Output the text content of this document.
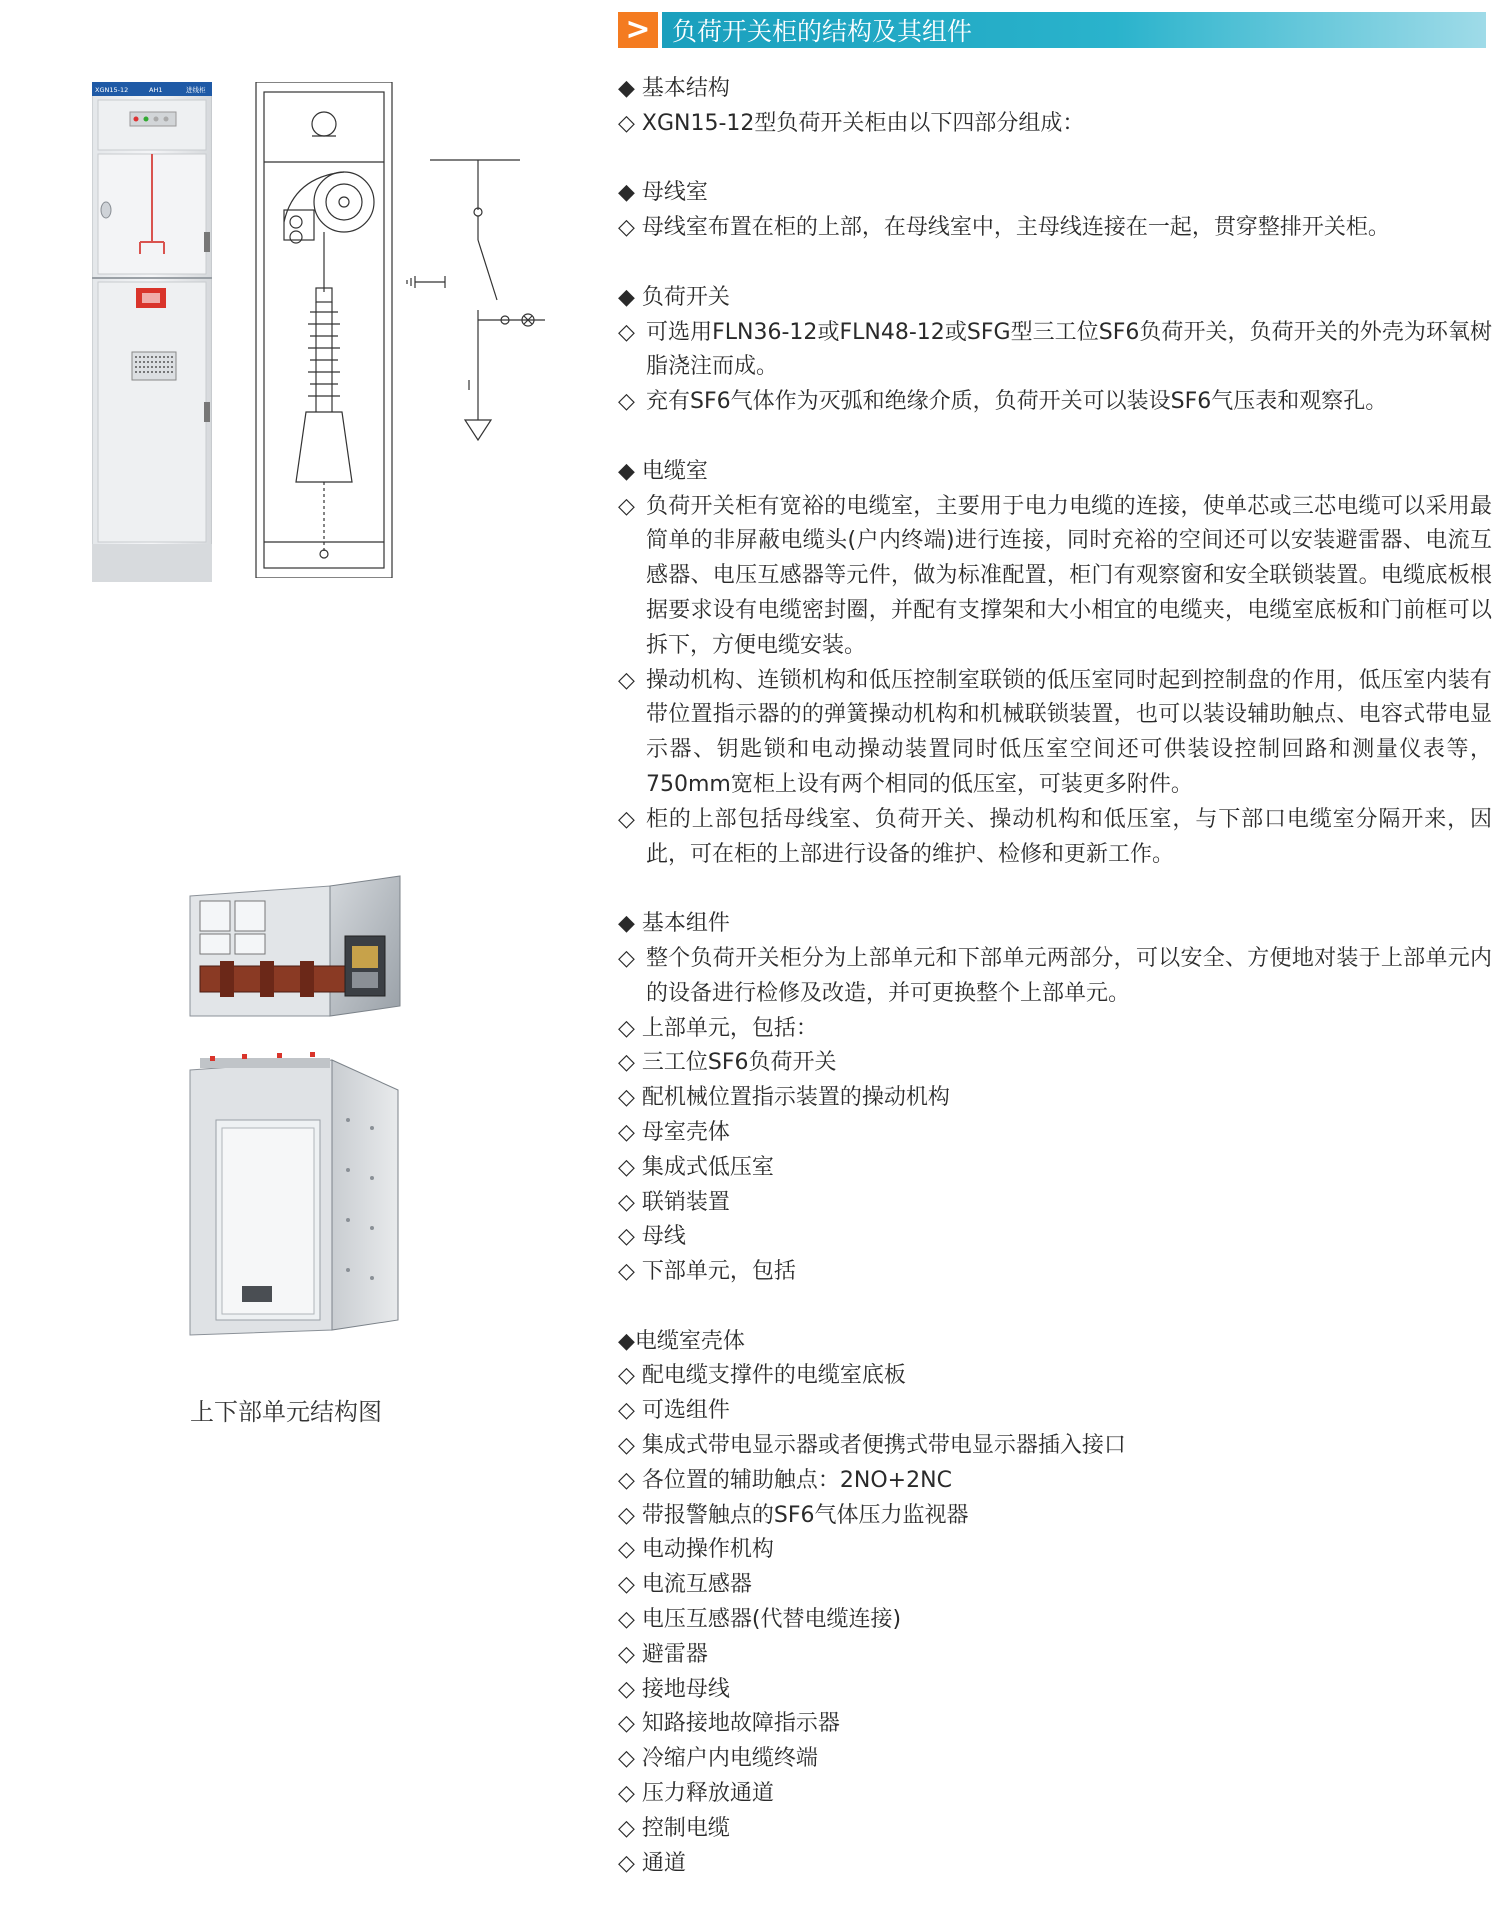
> 负荷开关柜的结构及其组件
XGN15-12	AH1	进线柜
上下部单元结构图
◆ 基本结构
◇ XGN15-12型负荷开关柜由以下四部分组成：
◆ 母线室
◇ 母线室布置在柜的上部，在母线室中，主母线连接在一起，贯穿整排开关柜。
◆ 负荷开关
◇ 可选用FLN36-12或FLN48-12或SFG型三工位SF6负荷开关，负荷开关的外壳为环氧树脂浇注而成。
◇ 充有SF6气体作为灭弧和绝缘介质，负荷开关可以装设SF6气压表和观察孔。
◆ 电缆室
◇ 负荷开关柜有宽裕的电缆室，主要用于电力电缆的连接，使单芯或三芯电缆可以采用最简单的非屏蔽电缆头(户内终端)进行连接，同时充裕的空间还可以安装避雷器、电流互感器、电压互感器等元件，做为标准配置，柜门有观察窗和安全联锁装置。电缆底板根据要求设有电缆密封圈，并配有支撑架和大小相宜的电缆夹，电缆室底板和门前框可以拆下，方便电缆安装。
◇ 操动机构、连锁机构和低压控制室联锁的低压室同时起到控制盘的作用，低压室内装有带位置指示器的的弹簧操动机构和机械联锁装置，也可以装设辅助触点、电容式带电显示器、钥匙锁和电动操动装置同时低压室空间还可供装设控制回路和测量仪表等，750mm宽柜上设有两个相同的低压室，可装更多附件。
◇ 柜的上部包括母线室、负荷开关、操动机构和低压室，与下部口电缆室分隔开来，因此，可在柜的上部进行设备的维护、检修和更新工作。
◆ 基本组件
◇ 整个负荷开关柜分为上部单元和下部单元两部分，可以安全、方便地对装于上部单元内的设备进行检修及改造，并可更换整个上部单元。
◇ 上部单元，包括：
◇ 三工位SF6负荷开关
◇ 配机械位置指示装置的操动机构
◇ 母室壳体
◇ 集成式低压室
◇ 联销装置
◇ 母线
◇ 下部单元，包括
◆电缆室壳体
◇ 配电缆支撑件的电缆室底板
◇ 可选组件
◇ 集成式带电显示器或者便携式带电显示器插入接口
◇ 各位置的辅助触点：2NO+2NC
◇ 带报警触点的SF6气体压力监视器
◇ 电动操作机构
◇ 电流互感器
◇ 电压互感器(代替电缆连接)
◇ 避雷器
◇ 接地母线
◇ 知路接地故障指示器
◇ 冷缩户内电缆终端
◇ 压力释放通道
◇ 控制电缆
◇ 通道
